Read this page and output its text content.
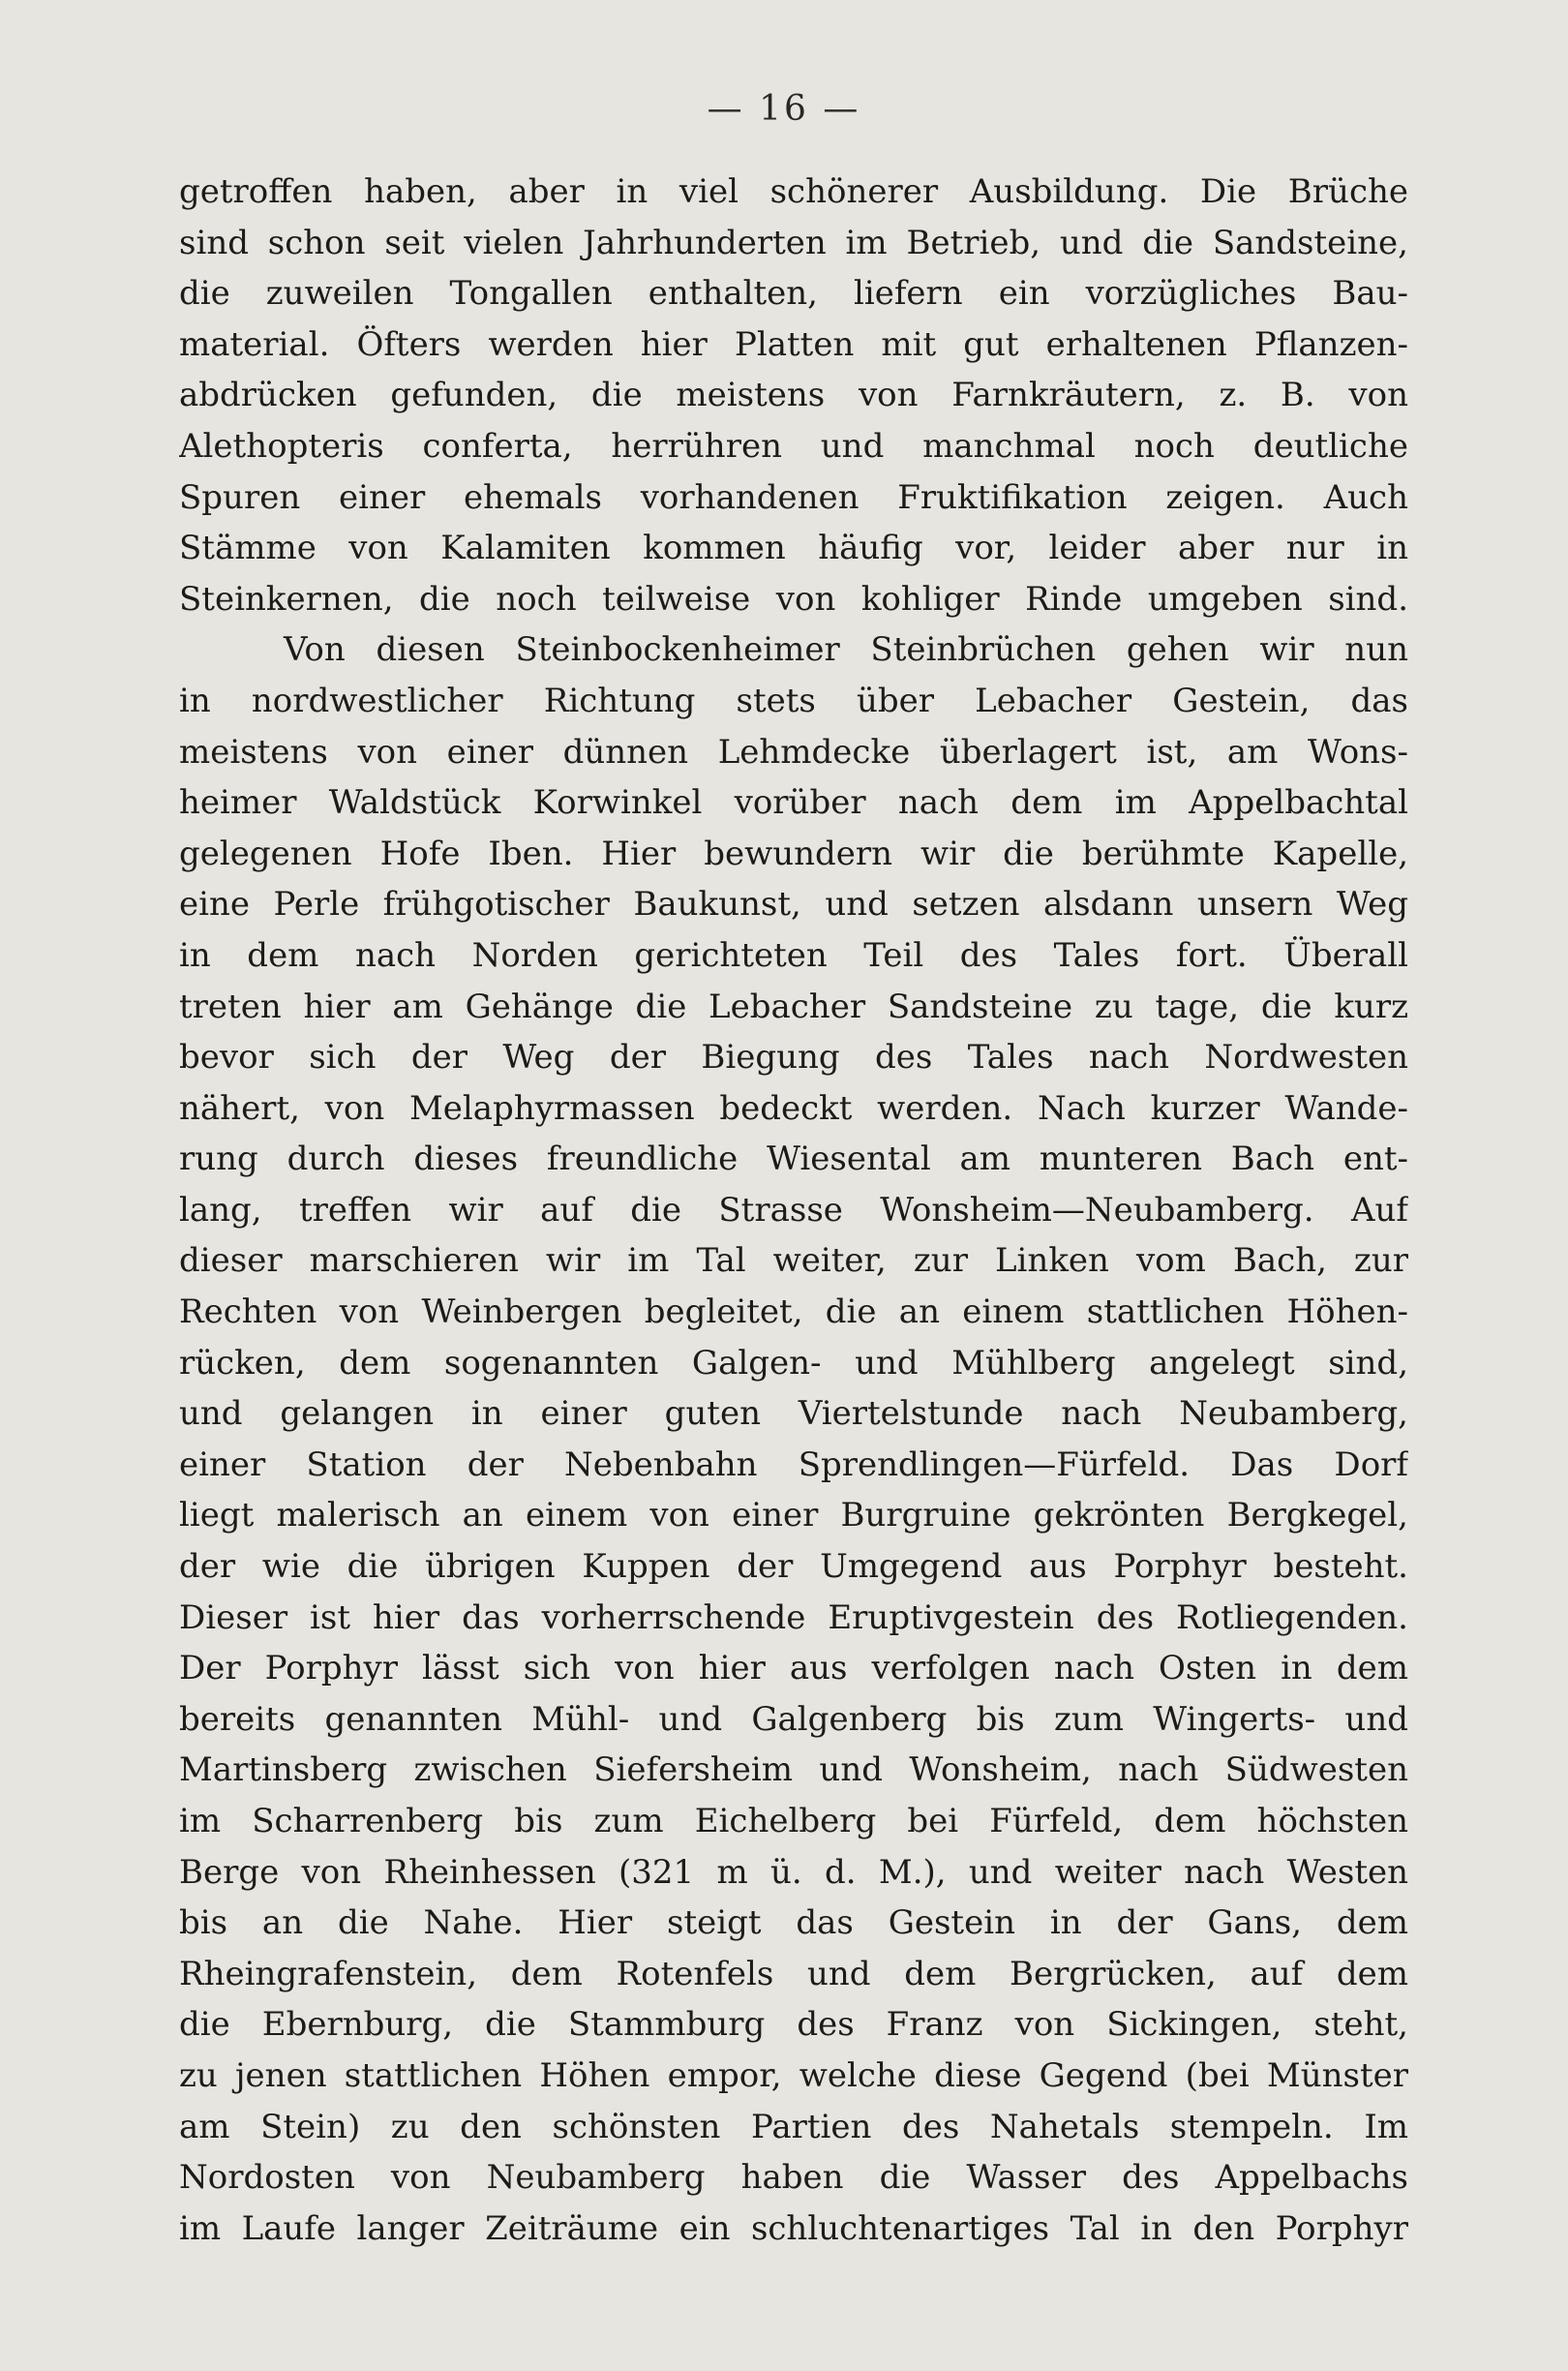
— 16 —
getroffen haben, aber in viel schönerer Ausbildung. Die Brüche
sind schon seit vielen Jahrhunderten im Betrieb, und die Sandsteine,
die zuweilen Tongallen enthalten, liefern ein vorzügliches Bau-
material. Öfters werden hier Platten mit gut erhaltenen Pflanzen-
abdrücken gefunden, die meistens von Farnkräutern, z. B. von
Alethopteris conferta, herrühren und manchmal noch deutliche
Spuren einer ehemals vorhandenen Fruktifikation zeigen. Auch
Stämme von Kalamiten kommen häufig vor, leider aber nur in
Steinkernen, die noch teilweise von kohliger Rinde umgeben sind.
Von diesen Steinbockenheimer Steinbrüchen gehen wir nun
in nordwestlicher Richtung stets über Lebacher Gestein, das
meistens von einer dünnen Lehmdecke überlagert ist, am Wons-
heimer Waldstück Korwinkel vorüber nach dem im Appelbachtal
gelegenen Hofe Iben. Hier bewundern wir die berühmte Kapelle,
eine Perle frühgotischer Baukunst, und setzen alsdann unsern Weg
in dem nach Norden gerichteten Teil des Tales fort. Überall
treten hier am Gehänge die Lebacher Sandsteine zu tage, die kurz
bevor sich der Weg der Biegung des Tales nach Nordwesten
nähert, von Melaphyrmassen bedeckt werden. Nach kurzer Wande-
rung durch dieses freundliche Wiesental am munteren Bach ent-
lang, treffen wir auf die Strasse Wonsheim—Neubamberg. Auf
dieser marschieren wir im Tal weiter, zur Linken vom Bach, zur
Rechten von Weinbergen begleitet, die an einem stattlichen Höhen-
rücken, dem sogenannten Galgen- und Mühlberg angelegt sind,
und gelangen in einer guten Viertelstunde nach Neubamberg,
einer Station der Nebenbahn Sprendlingen—Fürfeld. Das Dorf
liegt malerisch an einem von einer Burgruine gekrönten Bergkegel,
der wie die übrigen Kuppen der Umgegend aus Porphyr besteht.
Dieser ist hier das vorherrschende Eruptivgestein des Rotliegenden.
Der Porphyr lässt sich von hier aus verfolgen nach Osten in dem
bereits genannten Mühl- und Galgenberg bis zum Wingerts- und
Martinsberg zwischen Siefersheim und Wonsheim, nach Südwesten
im Scharrenberg bis zum Eichelberg bei Fürfeld, dem höchsten
Berge von Rheinhessen (321 m ü. d. M.), und weiter nach Westen
bis an die Nahe. Hier steigt das Gestein in der Gans, dem
Rheingrafenstein, dem Rotenfels und dem Bergrücken, auf dem
die Ebernburg, die Stammburg des Franz von Sickingen, steht,
zu jenen stattlichen Höhen empor, welche diese Gegend (bei Münster
am Stein) zu den schönsten Partien des Nahetals stempeln. Im
Nordosten von Neubamberg haben die Wasser des Appelbachs
im Laufe langer Zeiträume ein schluchtenartiges Tal in den Porphyr
